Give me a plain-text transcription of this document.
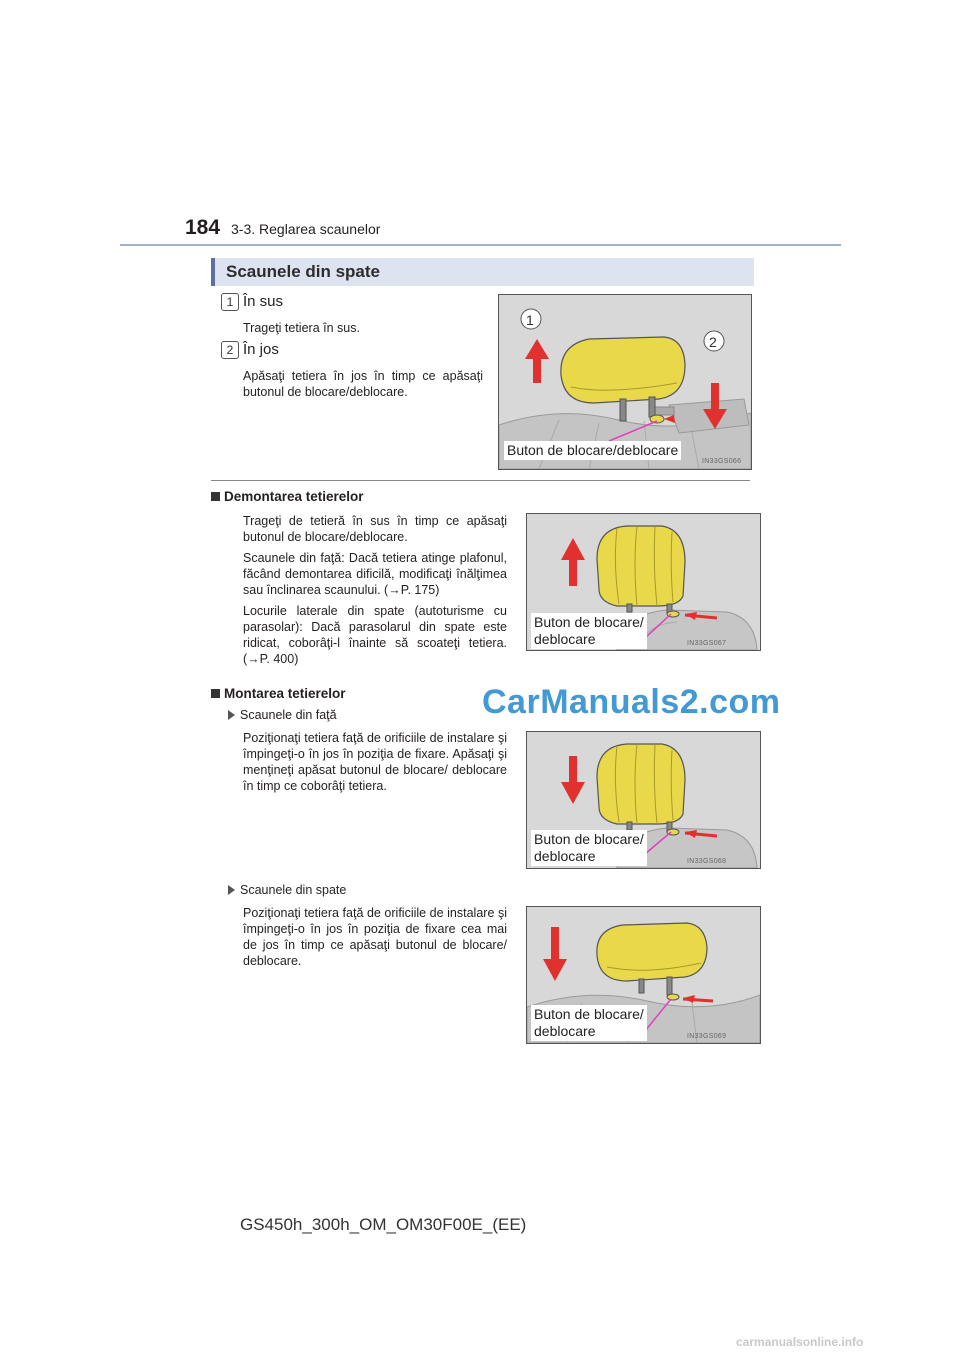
184 3-3. Reglarea scaunelor
Scaunele din spate
1 În sus
Trageţi tetiera în sus.
2 În jos
Apăsaţi tetiera în jos în timp ce apăsaţi butonul de blocare/deblocare.
1
2
Buton de blocare/deblocare
IN33GS066
Demontarea tetierelor
Trageţi de tetieră în sus în timp ce apăsaţi butonul de blocare/deblocare.
Scaunele din faţă: Dacă tetiera atinge plafonul, făcând demontarea dificilă, modificaţi înălţimea sau înclinarea scaunului. (→P. 175)
Locurile laterale din spate (autoturisme cu parasolar): Dacă parasolarul din spate este ridicat, coborâţi-l înainte să scoateţi tetiera. (→P. 400)
Buton de blocare/
deblocare	IN33GS067
Montarea tetierelor
Scaunele din faţă
Poziţionaţi tetiera faţă de orificiile de instalare şi împingeţi-o în jos în poziţia de fixare. Apăsaţi şi menţineţi apăsat butonul de blocare/ deblocare în timp ce coborâţi tetiera.
Buton de blocare/
deblocare	IN33GS068
Scaunele din spate
Poziţionaţi tetiera faţă de orificiile de instalare şi împingeţi-o în jos în poziţia de fixare cea mai de jos în timp ce apăsaţi butonul de blocare/ deblocare.
Buton de blocare/
deblocare	IN33GS069
GS450h_300h_OM_OM30F00E_(EE)
CarManuals2.com
carmanualsonline.info
